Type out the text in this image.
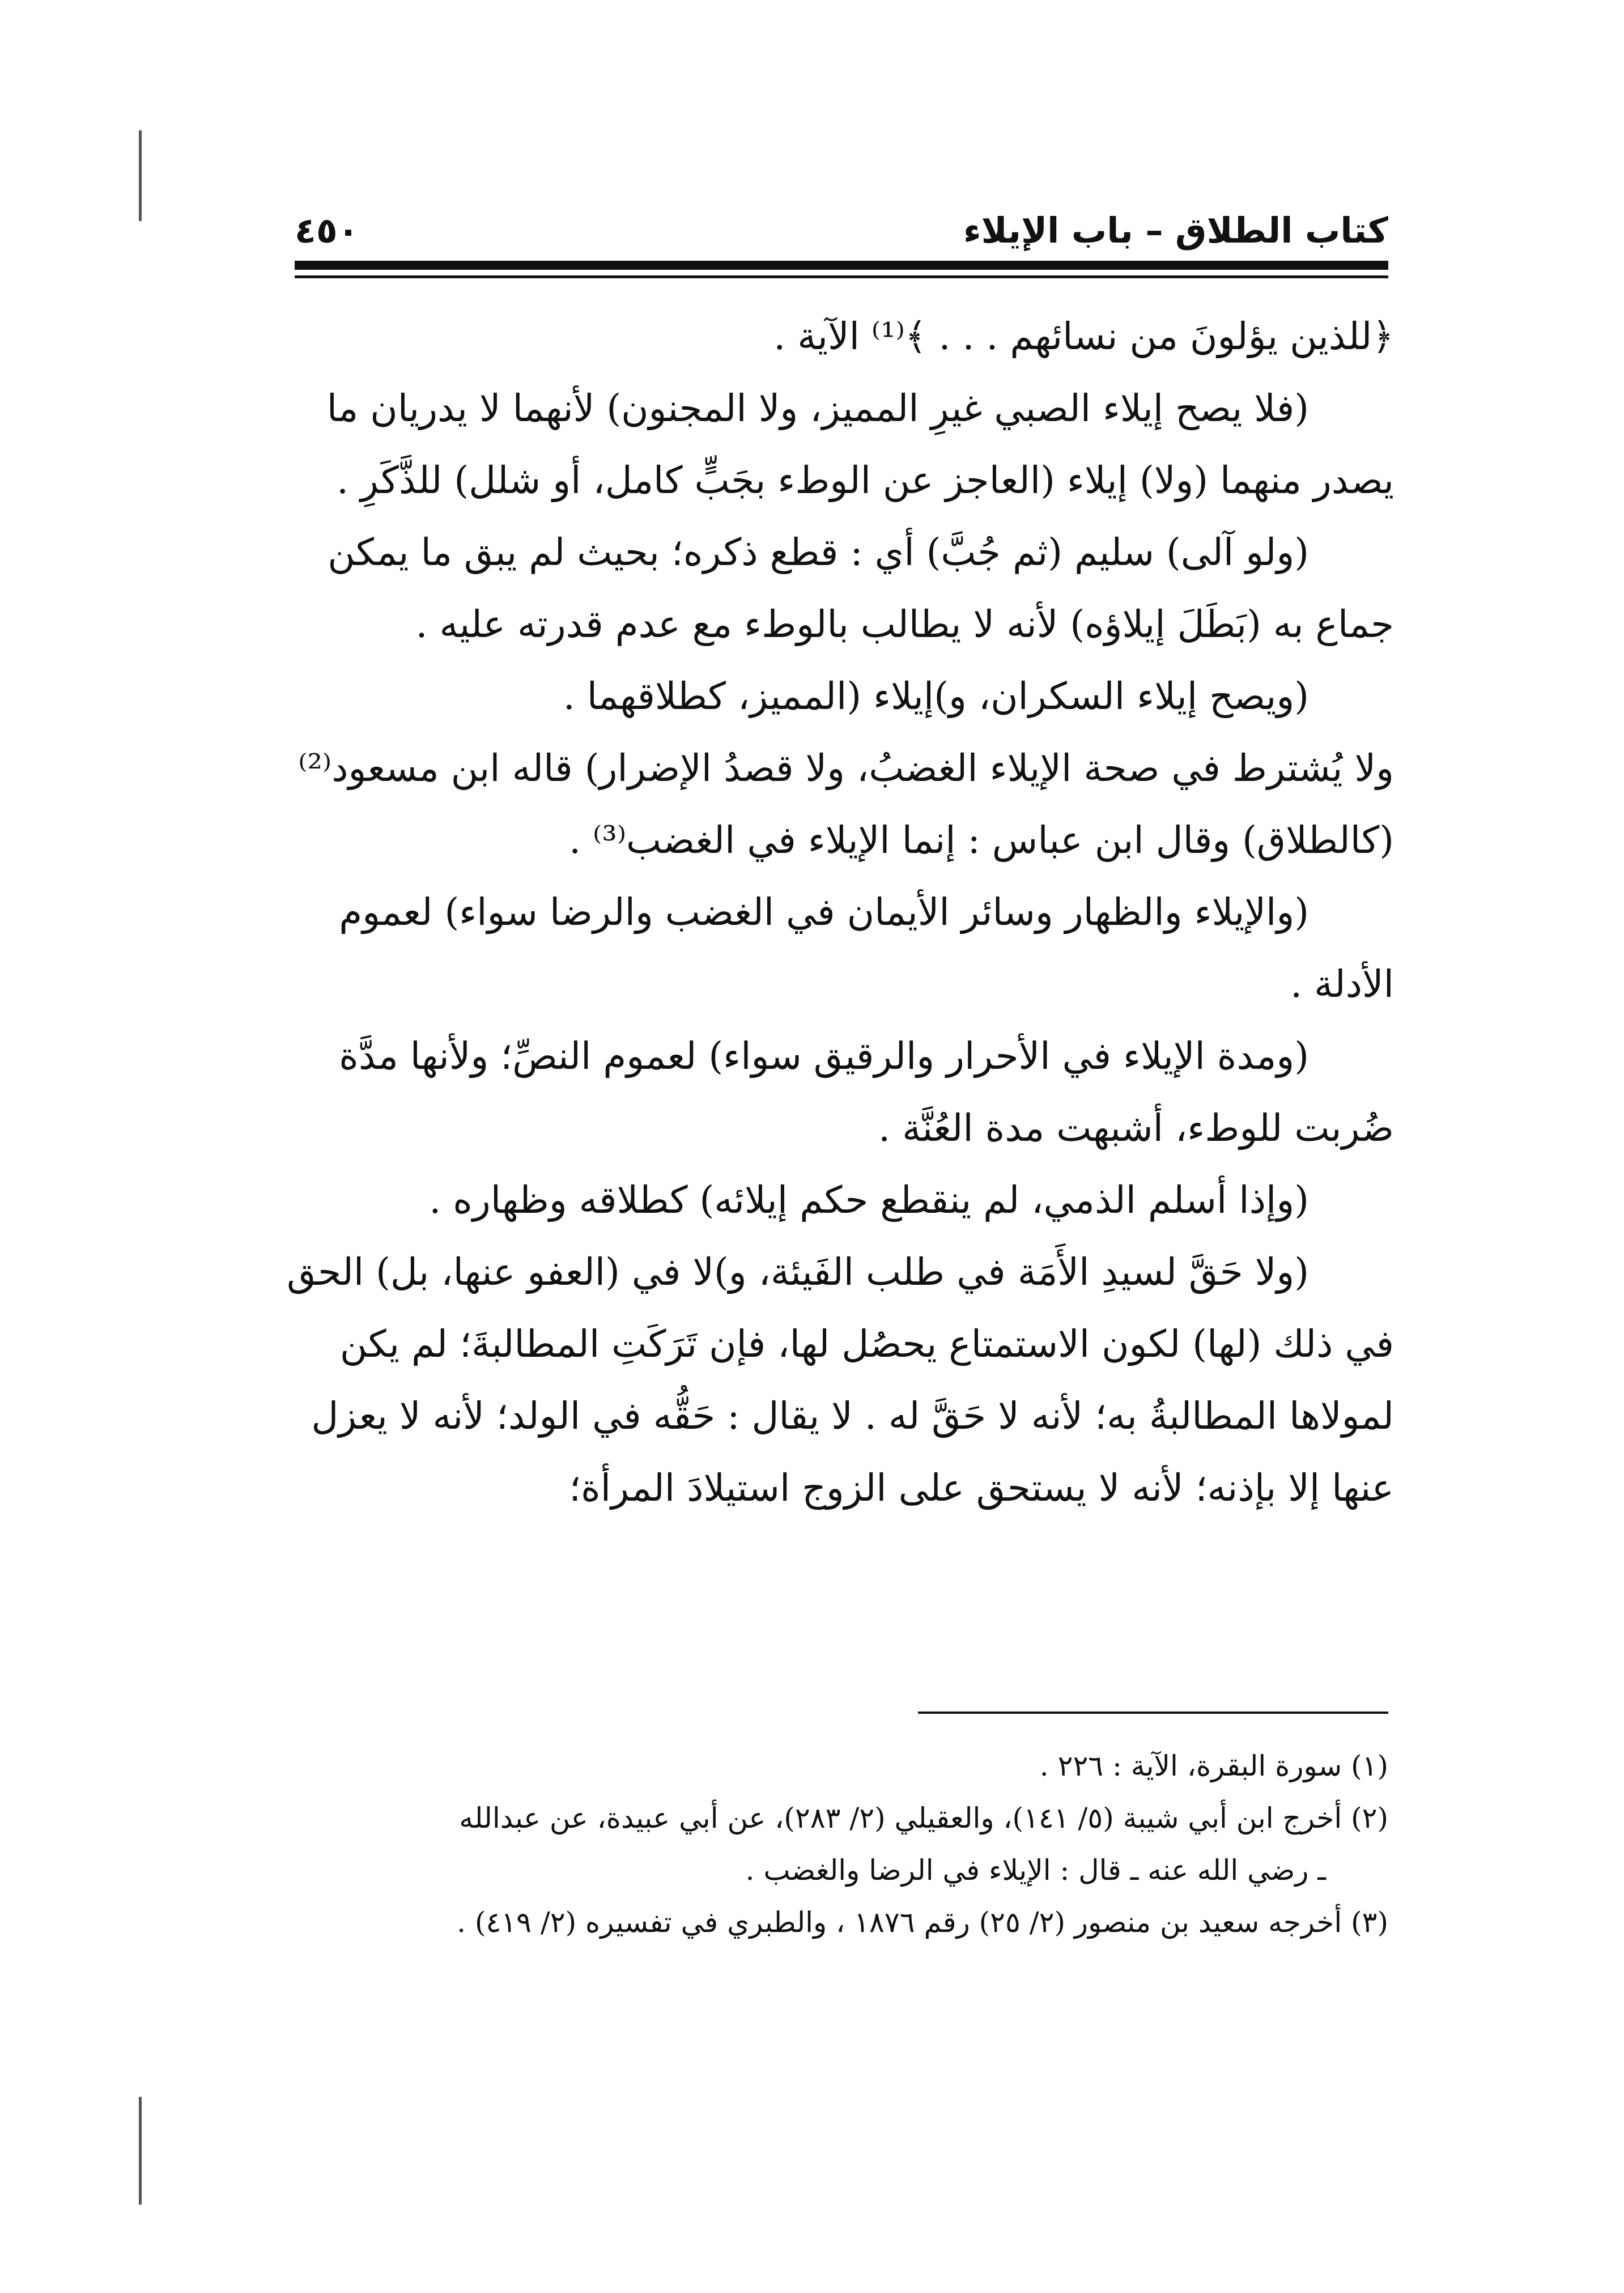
كتاب الطلاق – باب الإيلاء
٤٥٠

﴿للذين يؤلونَ من نسائهم . . . ﴾⁽¹⁾ الآية .

(فلا يصح إيلاء الصبي غيرِ المميز، ولا المجنون) لأنهما لا يدريان ما يصدر منهما (ولا) إيلاء (العاجز عن الوطء بجَبٍّ كامل، أو شلل) للذَّكَرِ .

(ولو آلى) سليم (ثم جُبَّ) أي : قطع ذكره؛ بحيث لم يبق ما يمكن جماع به (بَطَلَ إيلاؤه) لأنه لا يطالب بالوطء مع عدم قدرته عليه .

(ويصح إيلاء السكران، و)إيلاء (المميز، كطلاقهما .

ولا يُشترط في صحة الإيلاء الغضبُ، ولا قصدُ الإضرار) قاله ابن مسعود⁽²⁾ (كالطلاق) وقال ابن عباس : إنما الإيلاء في الغضب⁽³⁾ .

(والإيلاء والظهار وسائر الأيمان في الغضب والرضا سواء) لعموم الأدلة .

(ومدة الإيلاء في الأحرار والرقيق سواء) لعموم النصِّ؛ ولأنها مدَّة ضُربت للوطء، أشبهت مدة العُنَّة .

(وإذا أسلم الذمي، لم ينقطع حكم إيلائه) كطلاقه وظهاره .

(ولا حَقَّ لسيدِ الأَمَة في طلب الفَيئة، و)لا في (العفو عنها، بل) الحق في ذلك (لها) لكون الاستمتاع يحصُل لها، فإن تَرَكَتِ المطالبةَ؛ لم يكن لمولاها المطالبةُ به؛ لأنه لا حَقَّ له . لا يقال : حَقُّه في الولد؛ لأنه لا يعزل عنها إلا بإذنه؛ لأنه لا يستحق على الزوج استيلادَ المرأة؛

(١) سورة البقرة، الآية : ٢٢٦ .

(٢) أخرج ابن أبي شيبة (٥/ ١٤١)، والعقيلي (٢/ ٢٨٣)، عن أبي عبيدة، عن عبدالله

ـ رضي الله عنه ـ قال : الإيلاء في الرضا والغضب .

(٣) أخرجه سعيد بن منصور (٢/ ٢٥) رقم ١٨٧٦ ، والطبري في تفسيره (٢/ ٤١٩) .
